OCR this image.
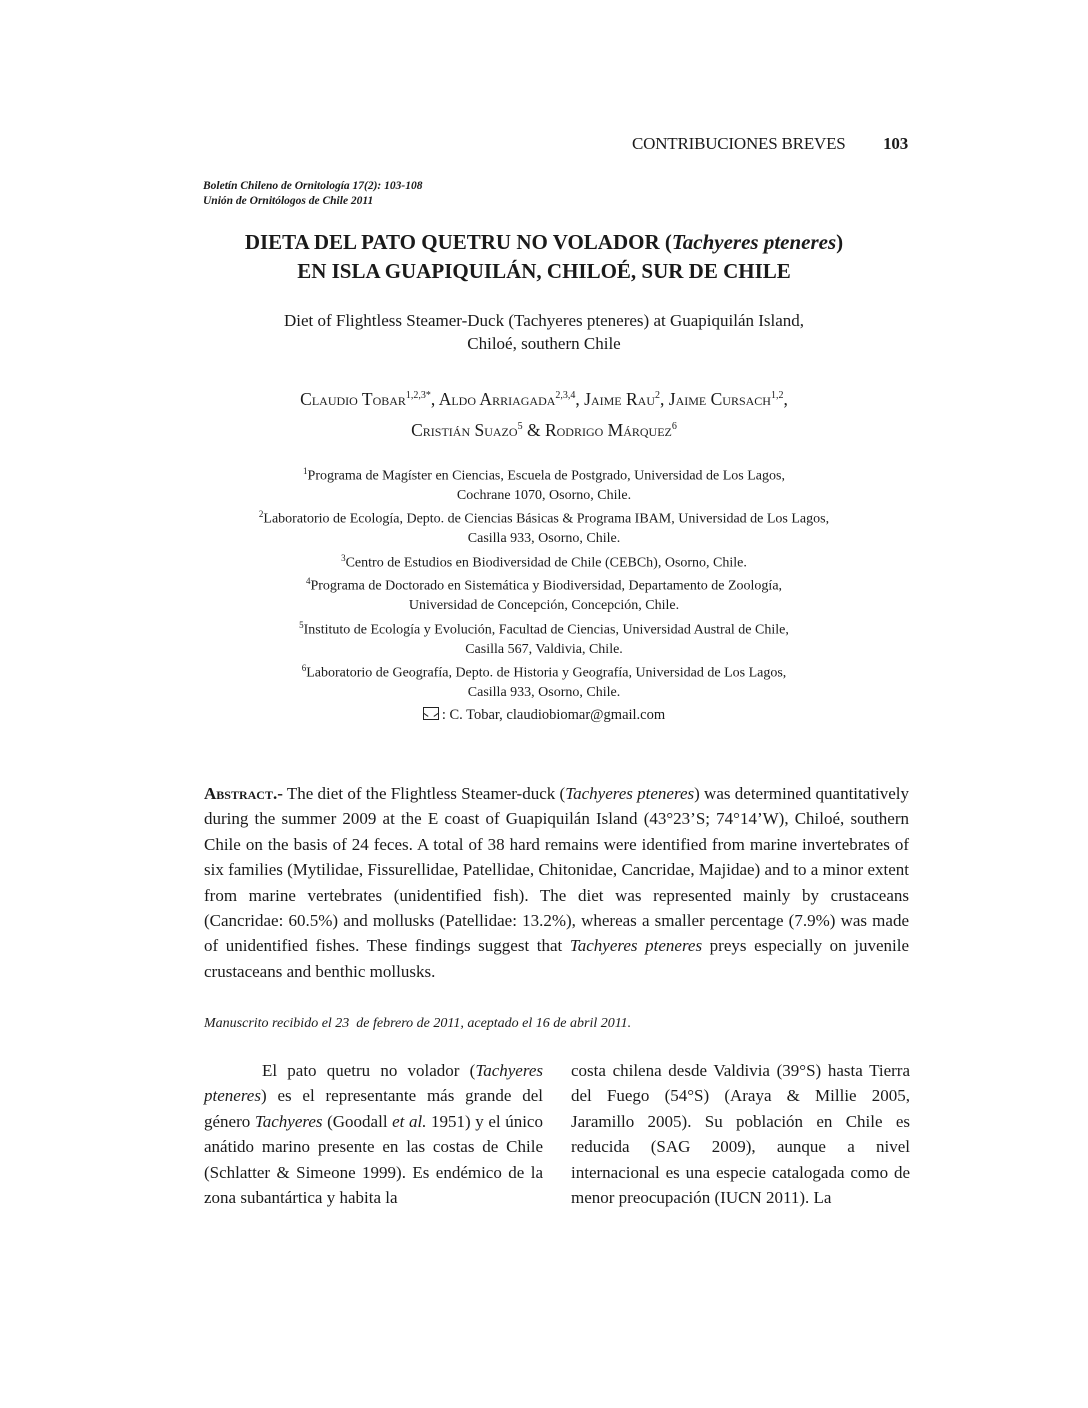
CONTRIBUCIONES BREVES 103
Boletín Chileno de Ornitología 17(2): 103-108
Unión de Ornitólogos de Chile 2011
DIETA DEL PATO QUETRU NO VOLADOR (Tachyeres pteneres)
EN ISLA GUAPIQUILÁN, CHILOÉ, SUR DE CHILE
Diet of Flightless Steamer-Duck (Tachyeres pteneres) at Guapiquilán Island,
Chiloé, southern Chile
Claudio Tobar$^{1,2,3*}$, Aldo Arriagada$^{2,3,4}$, Jaime Rau$^2$, Jaime Cursach$^{1,2}$,
Cristián Suazo$^5$ & Rodrigo Márquez$^6$
$^1$Programa de Magíster en Ciencias, Escuela de Postgrado, Universidad de Los Lagos,
Cochrane 1070, Osorno, Chile.
$^2$Laboratorio de Ecología, Depto. de Ciencias Básicas & Programa IBAM, Universidad de Los Lagos,
Casilla 933, Osorno, Chile.
$^3$Centro de Estudios en Biodiversidad de Chile (CEBCh), Osorno, Chile.
$^4$Programa de Doctorado en Sistemática y Biodiversidad, Departamento de Zoología,
Universidad de Concepción, Concepción, Chile.
$^5$Instituto de Ecología y Evolución, Facultad de Ciencias, Universidad Austral de Chile,
Casilla 567, Valdivia, Chile.
$^6$Laboratorio de Geografía, Depto. de Historia y Geografía, Universidad de Los Lagos,
Casilla 933, Osorno, Chile.
: C. Tobar, claudiobiomar@gmail.com
Abstract.- The diet of the Flightless Steamer-duck (Tachyeres pteneres) was determined quantitatively during the summer 2009 at the E coast of Guapiquilán Island (43°23’S; 74°14’W), Chiloé, southern Chile on the basis of 24 feces. A total of 38 hard remains were identified from marine invertebrates of six families (Mytilidae, Fissurellidae, Patellidae, Chitonidae, Cancridae, Majidae) and to a minor extent from marine vertebrates (unidentified fish). The diet was represented mainly by crustaceans (Cancridae: 60.5%) and mollusks (Patellidae: 13.2%), whereas a smaller percentage (7.9%) was made of unidentified fishes. These findings suggest that Tachyeres pteneres preys especially on juvenile crustaceans and benthic mollusks.
Manuscrito recibido el 23  de febrero de 2011, aceptado el 16 de abril 2011.
El pato quetru no volador (Tachyeres pteneres) es el representante más grande del género Tachyeres (Goodall et al. 1951) y el único anátido marino presente en las costas de Chile (Schlatter & Simeone 1999). Es endémico de la zona subantártica y habita la
costa chilena desde Valdivia (39°S) hasta Tierra del Fuego (54°S) (Araya & Millie 2005, Jaramillo 2005). Su población en Chile es reducida (SAG 2009), aunque a nivel internacional es una especie catalogada como de menor preocupación (IUCN 2011). La
